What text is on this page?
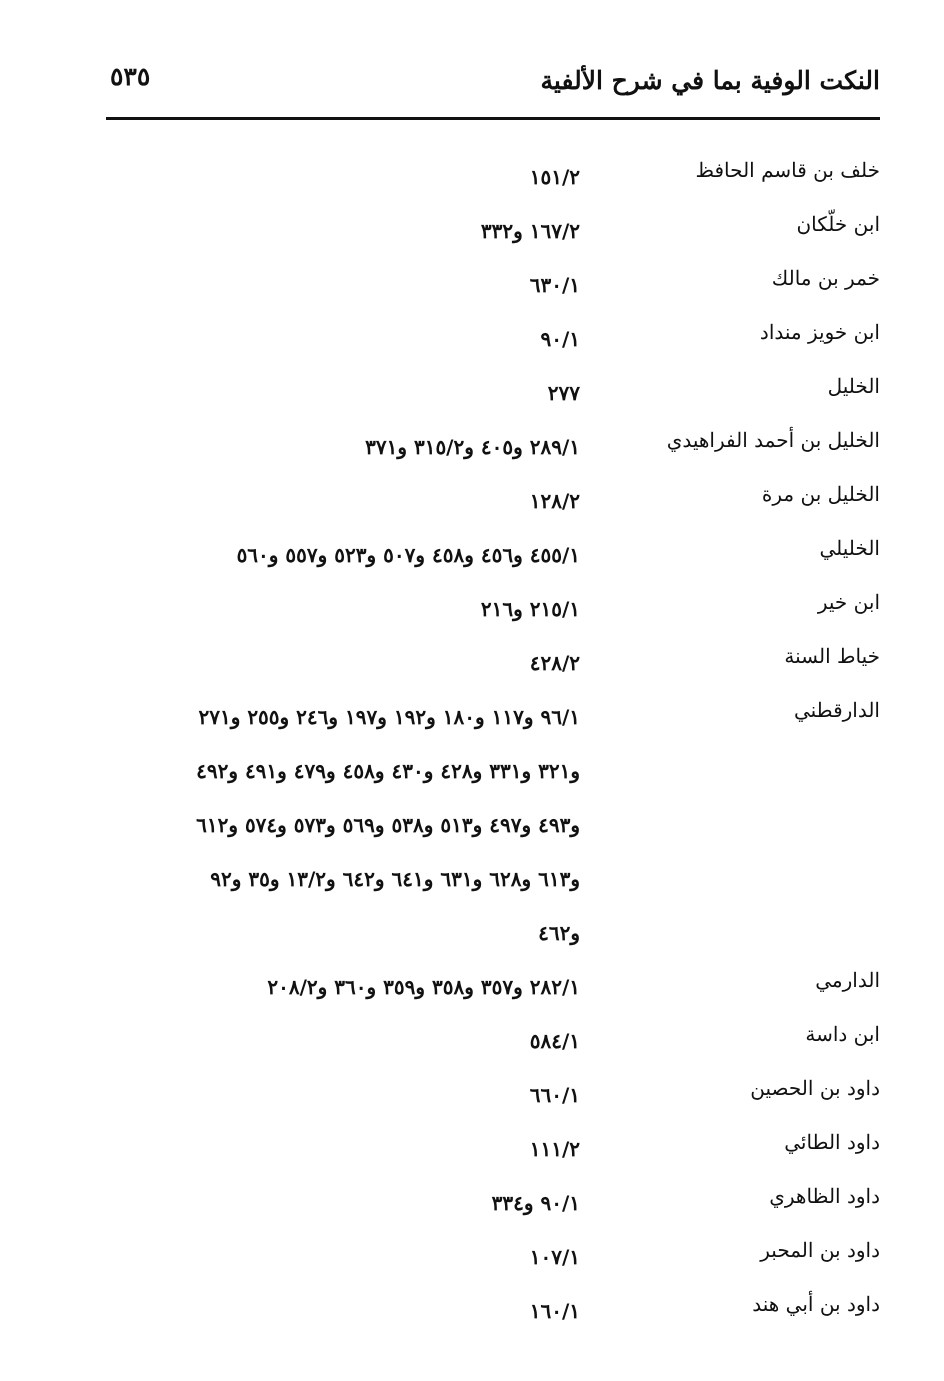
النكت الوفية بما في شرح الألفية
٥٣٥
خلف بن قاسم الحافظ
١٥١/٢
ابن خلّكان
١٦٧/٢ و٣٣٢
خمر بن مالك
٦٣٠/١
ابن خويز منداد
٩٠/١
الخليل
٢٧٧
الخليل بن أحمد الفراهيدي
٢٨٩/١ و٤٠٥ و٣١٥/٢ و٣٧١
الخليل بن مرة
١٢٨/٢
الخليلي
٤٥٥/١ و٤٥٦ و٤٥٨ و٥٠٧ و٥٢٣ و٥٥٧ و٥٦٠
ابن خير
٢١٥/١ و٢١٦
خياط السنة
٤٢٨/٢
الدارقطني
٩٦/١ و١١٧ و١٨٠ و١٩٢ و١٩٧ و٢٤٦ و٢٥٥ و٢٧١
و٣٢١ و٣٣١ و٤٢٨ و٤٣٠ و٤٥٨ و٤٧٩ و٤٩١ و٤٩٢
و٤٩٣ و٤٩٧ و٥١٣ و٥٣٨ و٥٦٩ و٥٧٣ و٥٧٤ و٦١٢
و٦١٣ و٦٢٨ و٦٣١ و٦٤١ و٦٤٢ و١٣/٢ و٣٥ و٩٢
و٤٦٢
الدارمي
٢٨٢/١ و٣٥٧ و٣٥٨ و٣٥٩ و٣٦٠ و٢٠٨/٢
ابن داسة
٥٨٤/١
داود بن الحصين
٦٦٠/١
داود الطائي
١١١/٢
داود الظاهري
٩٠/١ و٣٣٤
داود بن المحبر
١٠٧/١
داود بن أبي هند
١٦٠/١
